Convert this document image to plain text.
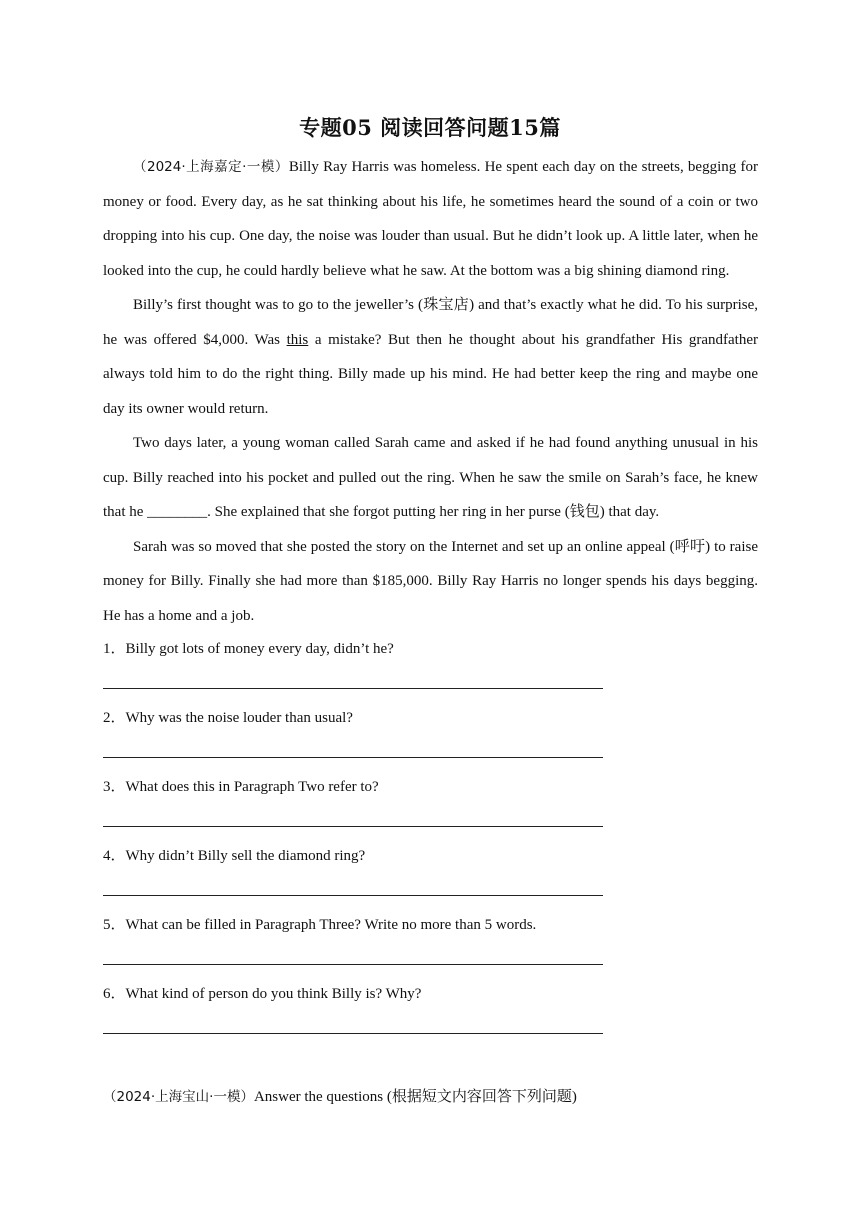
专题05 阅读回答问题15篇

（2024·上海嘉定·一模）Billy Ray Harris was homeless. He spent each day on the streets, begging for money or food. Every day, as he sat thinking about his life, he sometimes heard the sound of a coin or two dropping into his cup. One day, the noise was louder than usual. But he didn’t look up. A little later, when he looked into the cup, he could hardly believe what he saw. At the bottom was a big shining diamond ring.

Billy’s first thought was to go to the jeweller’s (珠宝店) and that’s exactly what he did. To his surprise, he was offered $4,000. Was this a mistake? But then he thought about his grandfather His grandfather always told him to do the right thing. Billy made up his mind. He had better keep the ring and maybe one day its owner would return.

Two days later, a young woman called Sarah came and asked if he had found anything unusual in his cup. Billy reached into his pocket and pulled out the ring. When he saw the smile on Sarah’s face, he knew that he ________. She explained that she forgot putting her ring in her purse (钱包) that day.

Sarah was so moved that she posted the story on the Internet and set up an online appeal (呼吁) to raise money for Billy. Finally she had more than $185,000. Billy Ray Harris no longer spends his days begging. He has a home and a job.

1．Billy got lots of money every day, didn’t he?
2．Why was the noise louder than usual?
3．What does this in Paragraph Two refer to?
4．Why didn’t Billy sell the diamond ring?
5．What can be filled in Paragraph Three? Write no more than 5 words.
6．What kind of person do you think Billy is? Why?
（2024·上海宝山·一模）Answer the questions (根据短文内容回答下列问题)
